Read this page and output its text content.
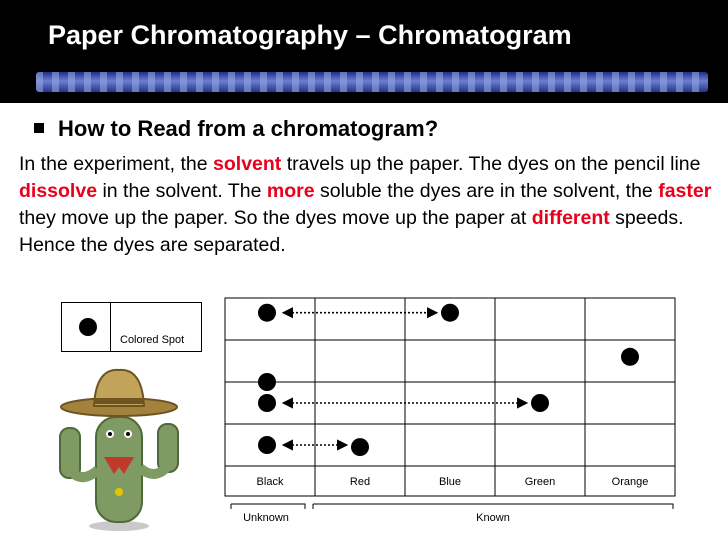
Paper Chromatography – Chromatogram
How to Read from a chromatogram?
In the experiment, the solvent travels up the paper. The dyes on the pencil line dissolve in the solvent. The more soluble the dyes are in the solvent, the faster they move up the paper. So the dyes move up the paper at different speeds. Hence the dyes are separated.
Colored Spot
Black	Red	Blue	Green	Orange
Unknown	Known
